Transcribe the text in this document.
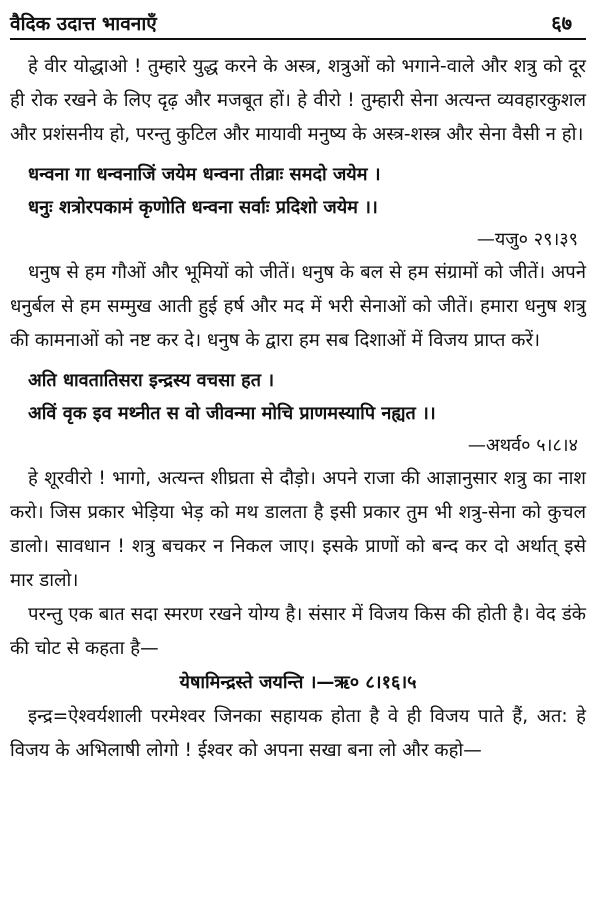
वैदिक उदात्त भावनाएँ	६७

हे वीर योद्धाओ ! तुम्हारे युद्ध करने के अस्त्र, शत्रुओं को भगाने-वाले और शत्रु को दूर ही रोक रखने के लिए दृढ़ और मजबूत हों। हे वीरो ! तुम्हारी सेना अत्यन्त व्यवहारकुशल और प्रशंसनीय हो, परन्तु कुटिल और मायावी मनुष्य के अस्त्र-शस्त्र और सेना वैसी न हो।

धन्वना गा धन्वनाजिं जयेम धन्वना तीव्राः समदो जयेम ।

धनुः शत्रोरपकामं कृणोति धन्वना सर्वाः प्रदिशो जयेम ।।

—यजु० २९।३९

धनुष से हम गौओं और भूमियों को जीतें। धनुष के बल से हम संग्रामों को जीतें। अपने धनुर्बल से हम सम्मुख आती हुई हर्ष और मद में भरी सेनाओं को जीतें। हमारा धनुष शत्रु की कामनाओं को नष्ट कर दे। धनुष के द्वारा हम सब दिशाओं में विजय प्राप्त करें।

अति धावतातिसरा इन्द्रस्य वचसा हत ।

अविं वृक इव मथ्नीत स वो जीवन्मा मोचि प्राणमस्यापि नह्यत ।।

—अथर्व० ५।८।४

हे शूरवीरो ! भागो, अत्यन्त शीघ्रता से दौड़ो। अपने राजा की आज्ञानुसार शत्रु का नाश करो। जिस प्रकार भेड़िया भेड़ को मथ डालता है इसी प्रकार तुम भी शत्रु-सेना को कुचल डालो। सावधान ! शत्रु बचकर न निकल जाए। इसके प्राणों को बन्द कर दो अर्थात् इसे मार डालो।

परन्तु एक बात सदा स्मरण रखने योग्य है। संसार में विजय किस की होती है। वेद डंके की चोट से कहता है—

येषामिन्द्रस्ते जयन्ति ।—ऋ० ८।१६।५

इन्द्र=ऐश्वर्यशाली परमेश्वर जिनका सहायक होता है वे ही विजय पाते हैं, अत: हे विजय के अभिलाषी लोगो ! ईश्वर को अपना सखा बना लो और कहो—
